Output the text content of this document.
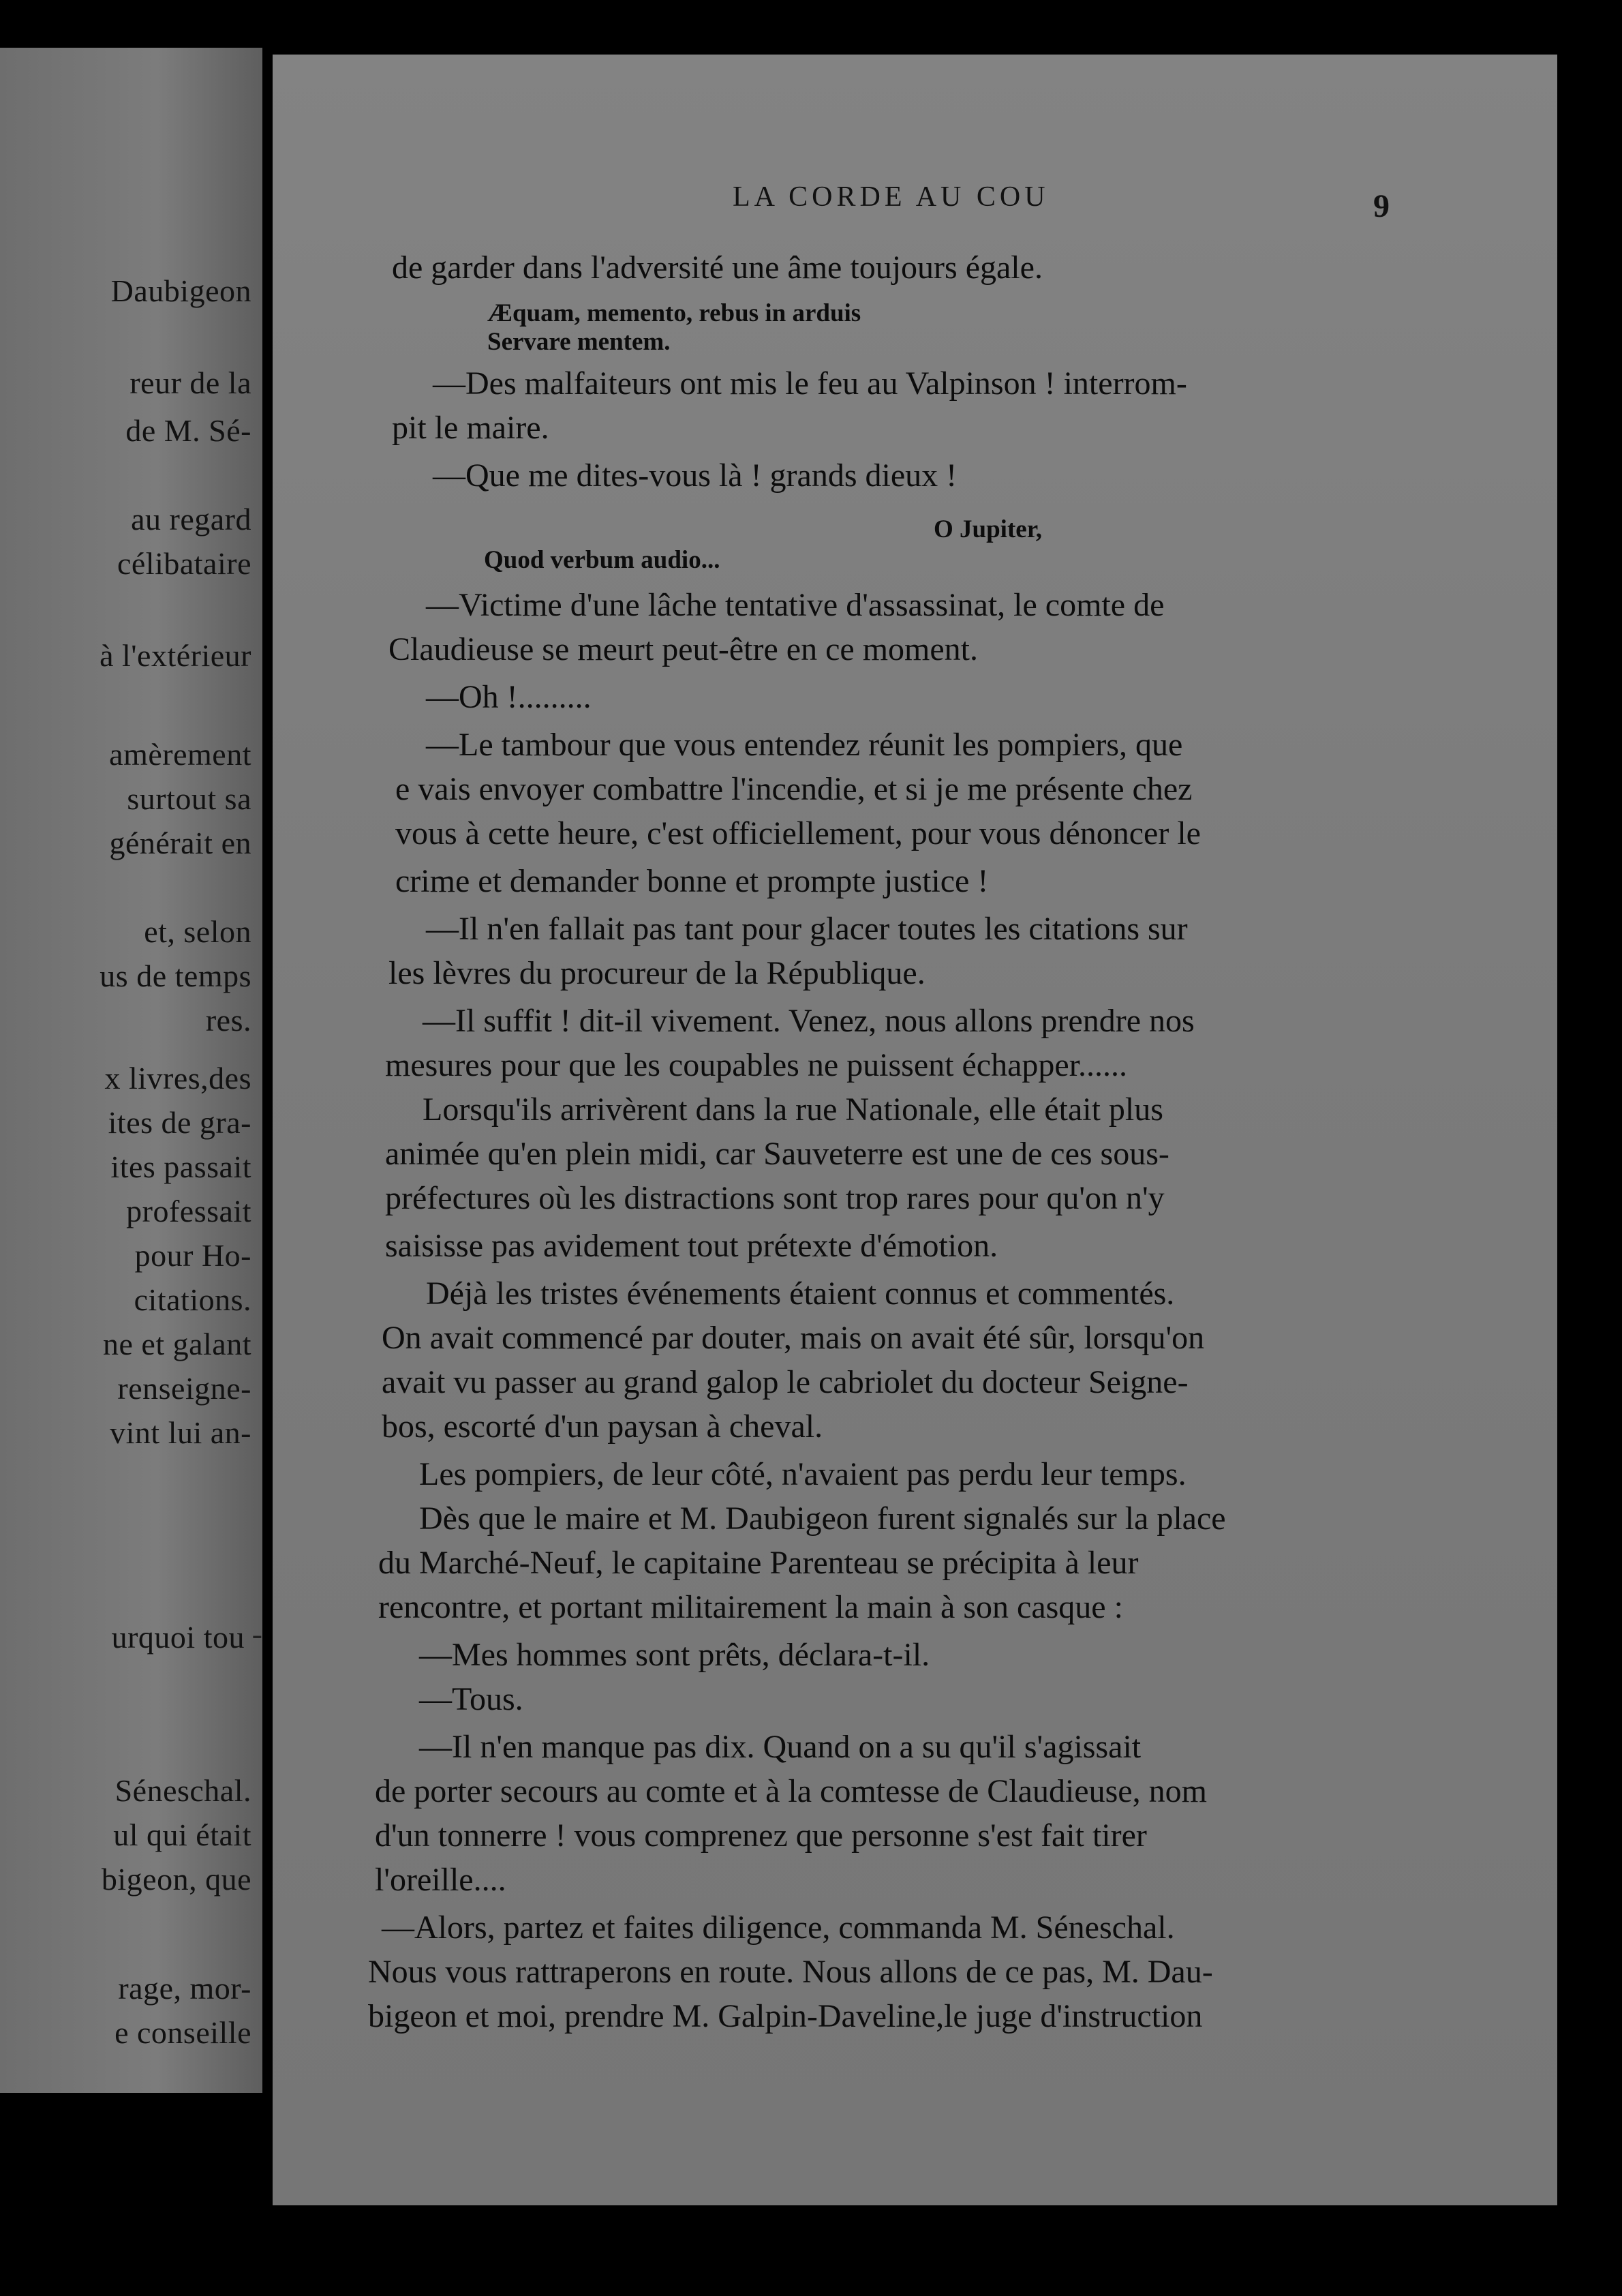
Daubigeon
reur de la
de M. Sé-
au regard
célibataire
à l'extérieur
amèrement
surtout sa
générait en
et, selon
us de temps
res.
x livres,des
ites de gra-
ites passait
professait
pour Ho-
citations.
ne et galant
renseigne-
vint lui an-
urquoi tou -
Séneschal.
ul qui était
bigeon, que
rage, mor-
e conseille
LA CORDE AU COU	9
de garder dans l'adversité une âme toujours égale.
Æquam, memento, rebus in arduis
Servare mentem.
—Des malfaiteurs ont mis le feu au Valpinson ! interrom-
pit le maire.
—Que me dites-vous là ! grands dieux !
O Jupiter,
Quod verbum audio...
—Victime d'une lâche tentative d'assassinat, le comte de
Claudieuse se meurt peut-être en ce moment.
—Oh !.........
—Le tambour que vous entendez réunit les pompiers, que
e vais envoyer combattre l'incendie, et si je me présente chez
vous à cette heure, c'est officiellement, pour vous dénoncer le
crime et demander bonne et prompte justice !
—Il n'en fallait pas tant pour glacer toutes les citations sur
les lèvres du procureur de la République.
—Il suffit ! dit-il vivement. Venez, nous allons prendre nos
mesures pour que les coupables ne puissent échapper......
Lorsqu'ils arrivèrent dans la rue Nationale, elle était plus
animée qu'en plein midi, car Sauveterre est une de ces sous-
préfectures où les distractions sont trop rares pour qu'on n'y
saisisse pas avidement tout prétexte d'émotion.
Déjà les tristes événements étaient connus et commentés.
On avait commencé par douter, mais on avait été sûr, lorsqu'on
avait vu passer au grand galop le cabriolet du docteur Seigne-
bos, escorté d'un paysan à cheval.
Les pompiers, de leur côté, n'avaient pas perdu leur temps.
Dès que le maire et M. Daubigeon furent signalés sur la place
du Marché-Neuf, le capitaine Parenteau se précipita à leur
rencontre, et portant militairement la main à son casque :
—Mes hommes sont prêts, déclara-t-il.
—Tous.
—Il n'en manque pas dix. Quand on a su qu'il s'agissait
de porter secours au comte et à la comtesse de Claudieuse, nom
d'un tonnerre ! vous comprenez que personne s'est fait tirer
l'oreille....
—Alors, partez et faites diligence, commanda M. Séneschal.
Nous vous rattraperons en route. Nous allons de ce pas, M. Dau-
bigeon et moi, prendre M. Galpin-Daveline,le juge d'instruction
